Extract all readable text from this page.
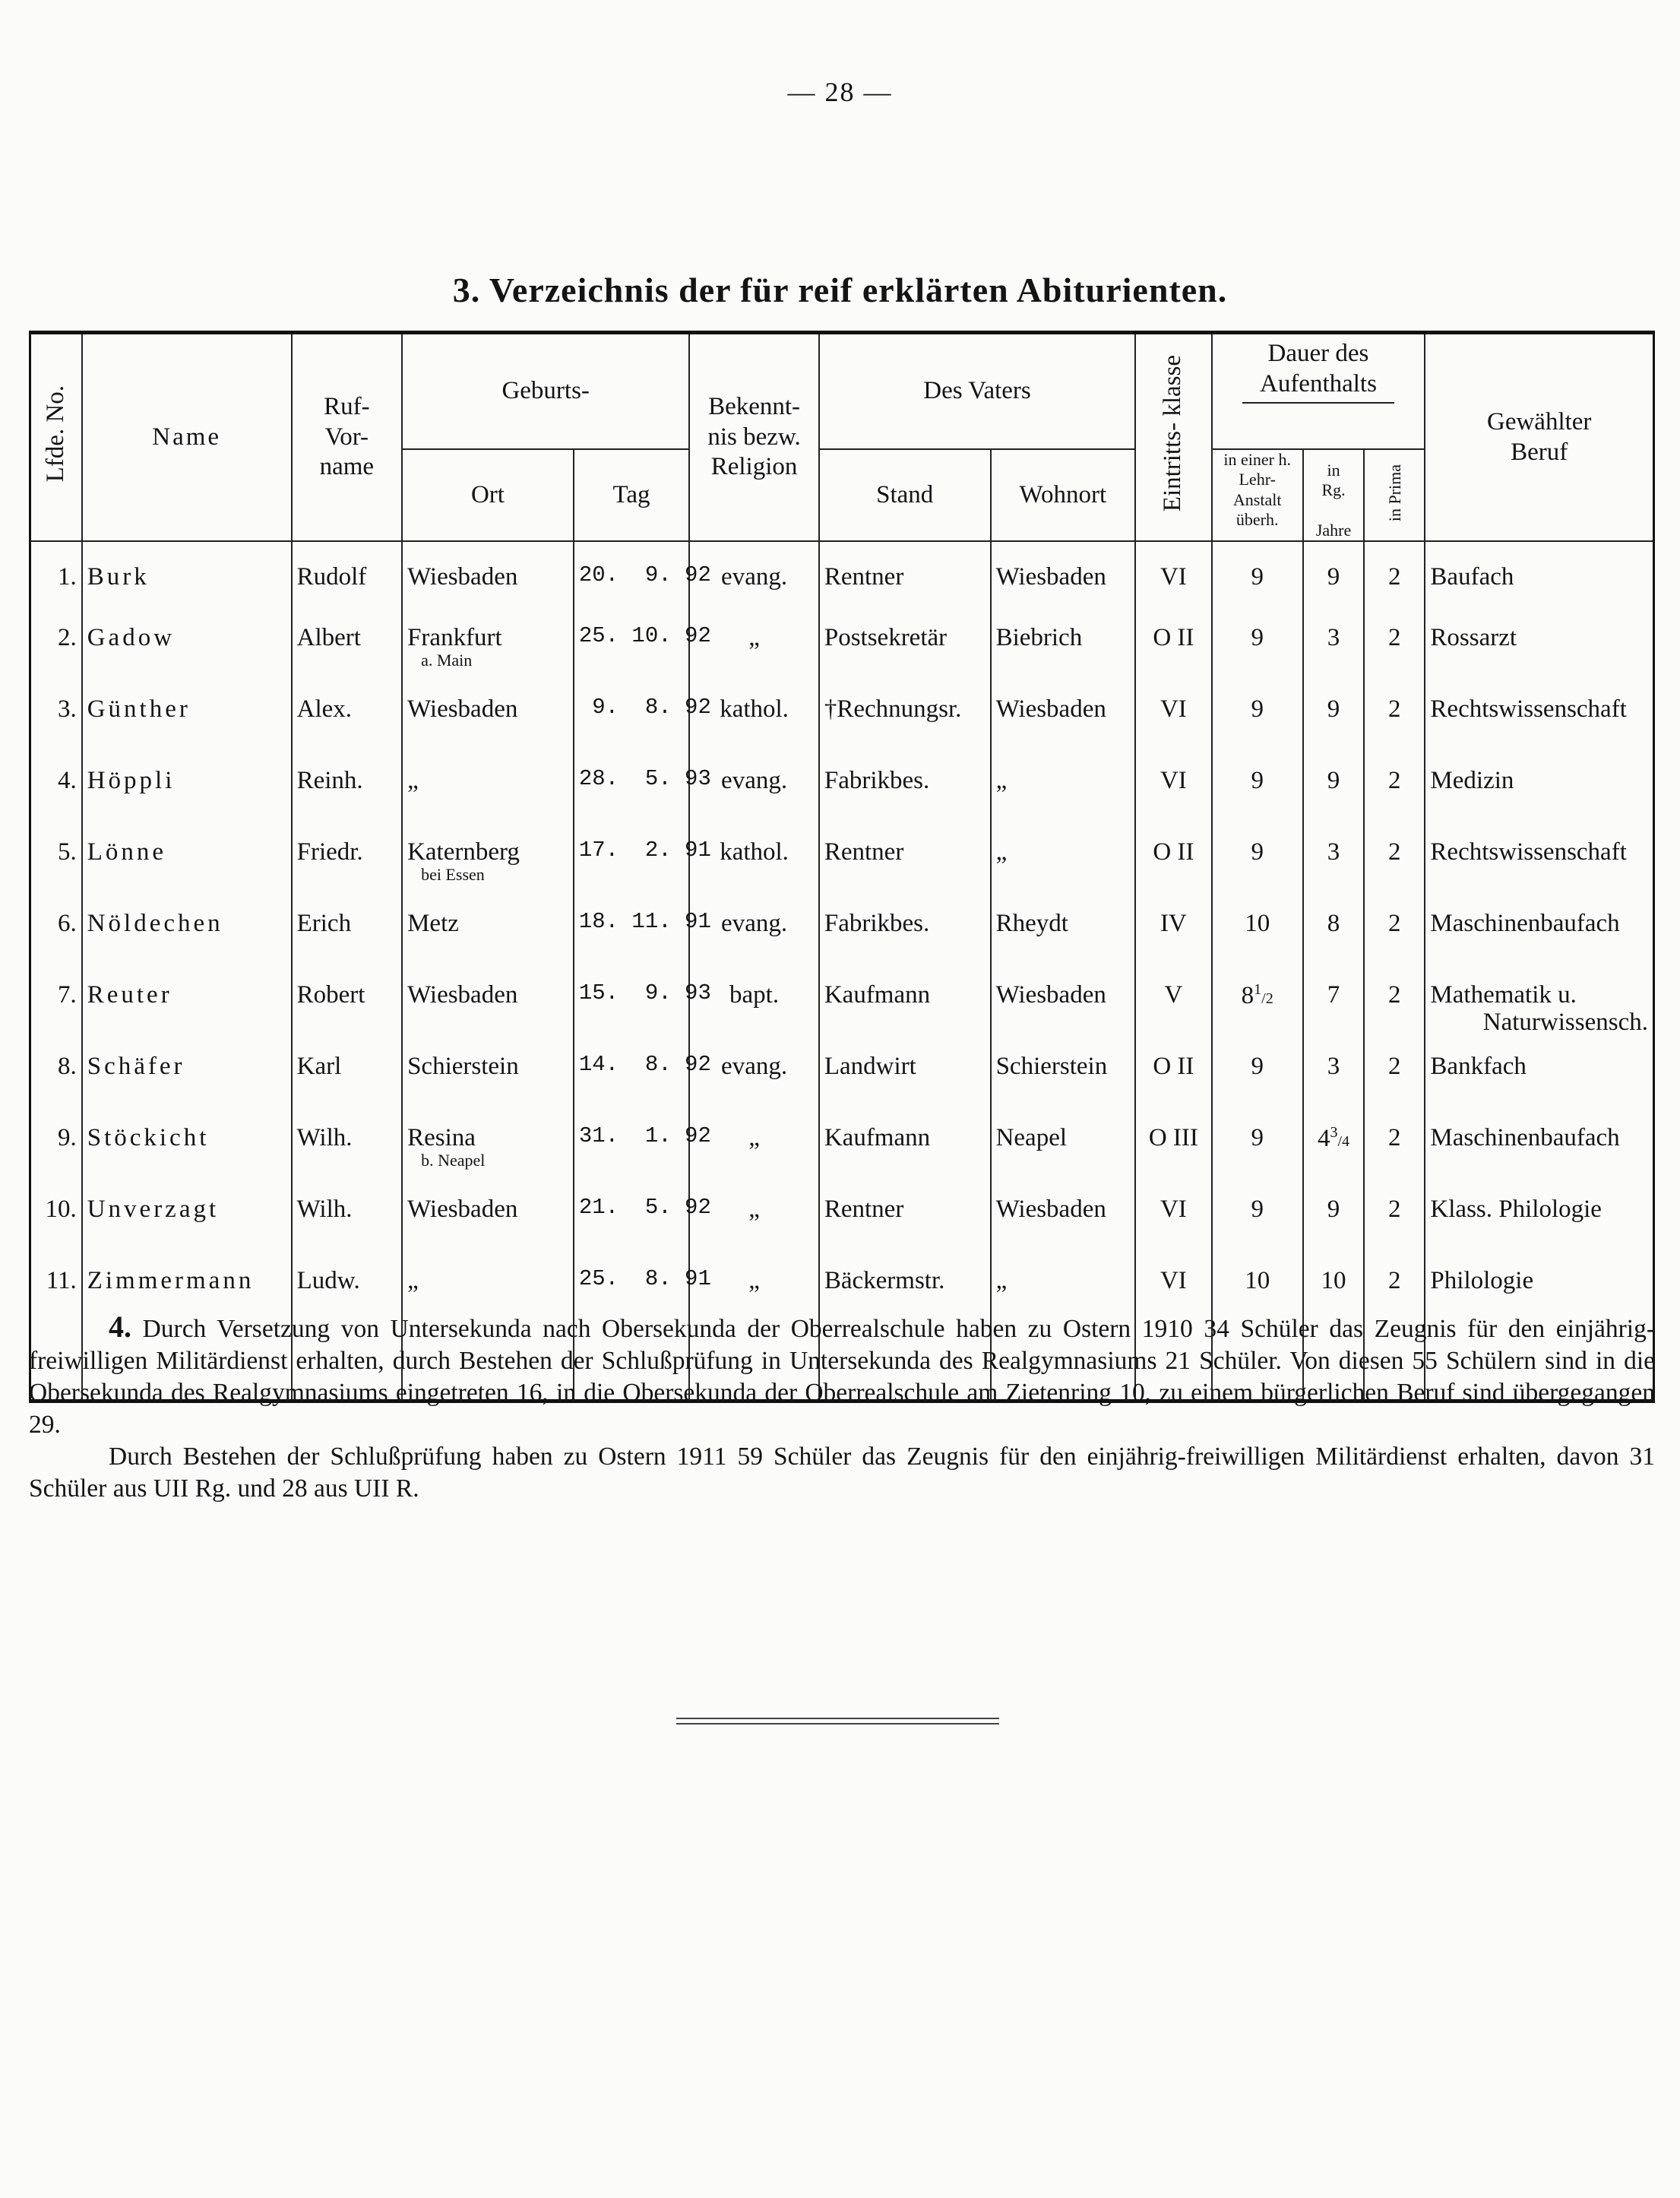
— 28 —
3. Verzeichnis der für reif erklärten Abiturienten.
Lfde. No.	Name	Ruf- Vor- name	Geburts-		Bekennt- nis bezw. Religion	Des Vaters		Eintritts- klasse	Dauer des Aufenthalts			Gewählter Beruf
			Ort	Tag		Stand	Wohnort		in einer h. Lehr- Anstalt überh.	in Rg.
Jahre	in Prima	
1.	Burk	Rudolf	Wiesbaden	20.  9. 92	evang.	Rentner	Wiesbaden	VI	9	9	2	Baufach
2.	Gadow	Albert	Frankfurt
a. Main	25. 10. 92	„	Postsekretär	Biebrich	O II	9	3	2	Rossarzt
3.	Günther	Alex.	Wiesbaden	9.  8. 92	kathol.	†Rechnungsr.	Wiesbaden	VI	9	9	2	Rechtswissenschaft
4.	Höppli	Reinh.	„	28.  5. 93	evang.	Fabrikbes.	„	VI	9	9	2	Medizin
5.	Lönne	Friedr.	Katernberg
bei Essen	17.  2. 91	kathol.	Rentner	„	O II	9	3	2	Rechtswissenschaft
6.	Nöldechen	Erich	Metz	18. 11. 91	evang.	Fabrikbes.	Rheydt	IV	10	8	2	Maschinenbaufach
7.	Reuter	Robert	Wiesbaden	15.  9. 93	bapt.	Kaufmann	Wiesbaden	V	$8^1/2$	7	2	Mathematik u.
Naturwissensch.

8.	Schäfer	Karl	Schierstein	14.  8. 92	evang.	Landwirt	Schierstein	O II	9	3	2	Bankfach
9.	Stöckicht	Wilh.	Resina
b. Neapel	31.  1. 92	„	Kaufmann	Neapel	O III	9	$4^3/4$	2	Maschinenbaufach
10.	Unverzagt	Wilh.	Wiesbaden	21.  5. 92	„	Rentner	Wiesbaden	VI	9	9	2	Klass. Philologie
11.	Zimmermann	Ludw.	„	25.  8. 91	„	Bäckermstr.	„	VI	10	10	2	Philologie

4. Durch Versetzung von Untersekunda nach Obersekunda der Oberrealschule haben zu Ostern 1910 34 Schüler das Zeugnis für den einjährig-freiwilligen Militärdienst erhalten, durch Bestehen der Schlußprüfung in Untersekunda des Realgymnasiums 21 Schüler. Von diesen 55 Schülern sind in die Obersekunda des Realgymnasiums eingetreten 16, in die Obersekunda der Oberrealschule am Zietenring 10, zu einem bürgerlichen Beruf sind übergegangen 29.

Durch Bestehen der Schlußprüfung haben zu Ostern 1911 59 Schüler das Zeugnis für den einjährig-freiwilligen Militärdienst erhalten, davon 31 Schüler aus UII Rg. und 28 aus UII R.
